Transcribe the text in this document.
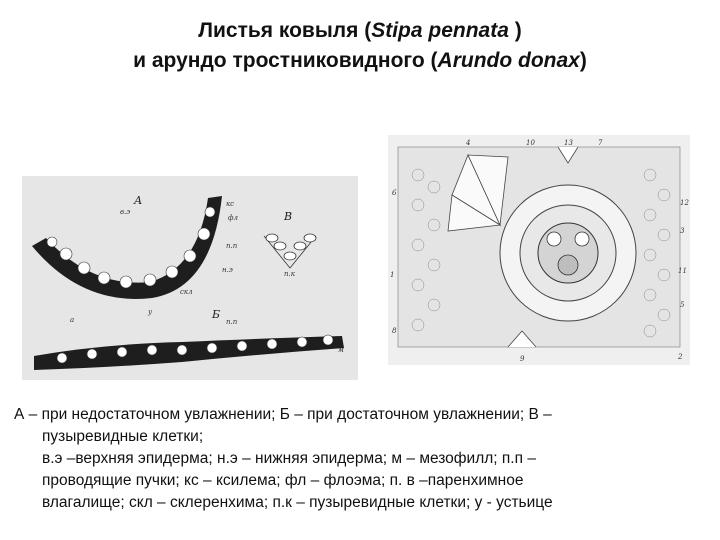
Листья ковыля (Stipa pennata )
и арундо тростниковидного (Arundo donax)
А
Б
В
в.э
кс
фл
п.п
н.э
скл
у
п.к
п.п
а
м
4	10	13	7
12
3
11
1
5
2
9
6
8

А – при недостаточном увлажнении; Б – при достаточном увлажнении; В –

пузыревидные клетки;

в.э –верхняя эпидерма; н.э – нижняя эпидерма; м – мезофилл; п.п –

проводящие пучки; кс – ксилема; фл – флоэма; п. в –паренхимное

влагалище; скл – склеренхима; п.к – пузыревидные клетки; у - устьице
